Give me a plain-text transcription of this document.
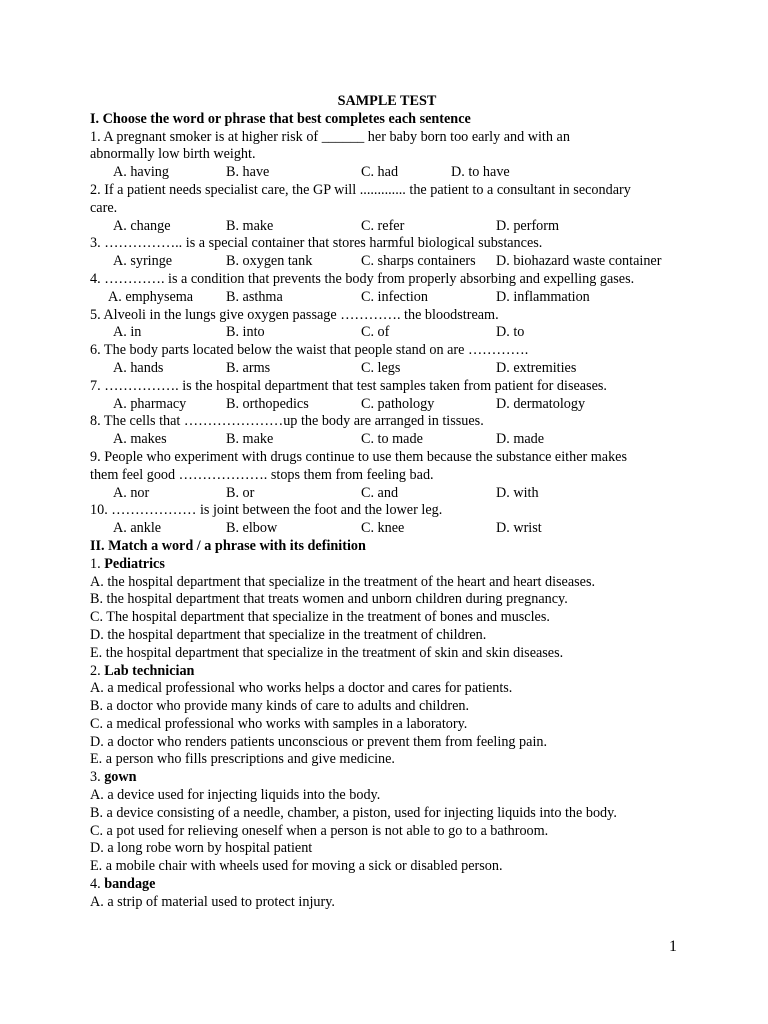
SAMPLE TEST
I. Choose the word or phrase that best completes each sentence
1. A pregnant smoker is at higher risk of ______ her baby born too early and with an
abnormally low birth weight.
A. having	B. have	C. had	D. to have
2. If a patient needs specialist care, the GP will ............. the patient to a consultant in secondary
care.
A. change	B. make	C. refer	D. perform
3. …………….. is a special container that stores harmful biological substances.
A. syringe	B. oxygen tank	C. sharps containers	D. biohazard waste container
4. …………. is a condition that prevents the body from properly absorbing and expelling gases.
A. emphysema	B. asthma	C. infection	D. inflammation
5. Alveoli in the lungs give oxygen passage …………. the bloodstream.
A. in	B. into	C. of	D. to
6. The body parts located below the waist that people stand on are ………….
A. hands	B. arms	C. legs	D. extremities
7. ……………. is the hospital department that test samples taken from patient for diseases.
A. pharmacy	B. orthopedics	C. pathology	D. dermatology
8. The cells that …………………up the body are arranged in tissues.
A. makes	B. make	C. to made	D. made
9. People who experiment with drugs continue to use them because the substance either makes
them feel good ………………. stops them from feeling bad.
A. nor	B. or	C. and	D. with
10. ……………… is joint between the foot and the lower leg.
A. ankle	B. elbow	C. knee	D. wrist
II. Match a word / a phrase with its definition
1. Pediatrics
A. the hospital department that specialize in the treatment of the heart and heart diseases.
B. the hospital department that treats women and unborn children during pregnancy.
C. The hospital department that specialize in the treatment of bones and muscles.
D. the hospital department that specialize in the treatment of children.
E. the hospital department that specialize in the treatment of skin and skin diseases.
2. Lab technician
A. a medical professional who works helps a doctor and cares for patients.
B. a doctor who provide many kinds of care to adults and children.
C. a medical professional who works with samples in a laboratory.
D. a doctor who renders patients unconscious or prevent them from feeling pain.
E. a person who fills prescriptions and give medicine.
3. gown
A. a device used for injecting liquids into the body.
B. a device consisting of a needle, chamber, a piston, used for injecting liquids into the body.
C. a pot used for relieving oneself when a person is not able to go to a bathroom.
D. a long robe worn by hospital patient
E. a mobile chair with wheels used for moving a sick or disabled person.
4. bandage
A. a strip of material used to protect injury.
1
